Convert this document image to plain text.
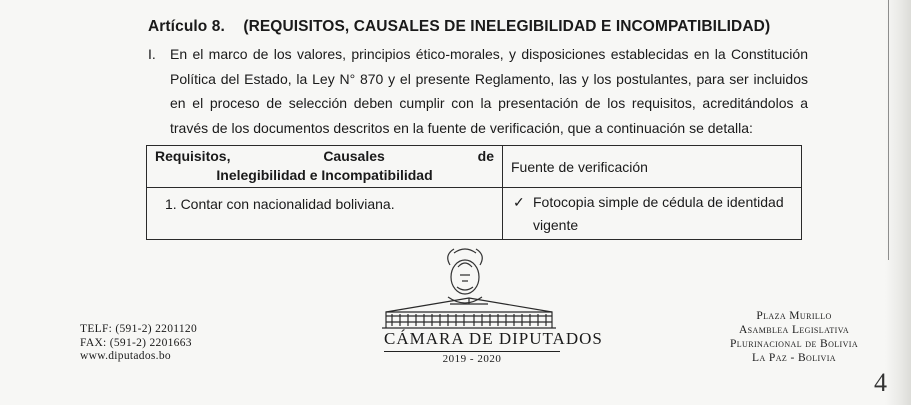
Artículo 8. (REQUISITOS, CAUSALES DE INELEGIBILIDAD E INCOMPATIBILIDAD)
I. En el marco de los valores, principios ético-morales, y disposiciones establecidas en la Constitución Política del Estado, la Ley N° 870 y el presente Reglamento, las y los postulantes, para ser incluidos en el proceso de selección deben cumplir con la presentación de los requisitos, acreditándolos a través de los documentos descritos en la fuente de verificación, que a continuación se detalla:
Requisitos, Causales de
Inelegibilidad e Incompatibilidad	Fuente de verificación
1. Contar con nacionalidad boliviana.	✓ Fotocopia simple de cédula de identidad
vigente
TELF: (591-2) 2201120
FAX: (591-2) 2201663
www.diputados.bo
CÁMARA DE DIPUTADOS
2019 - 2020
Plaza Murillo
Asamblea Legislativa
Plurinacional de Bolivia
La Paz - Bolivia
4
